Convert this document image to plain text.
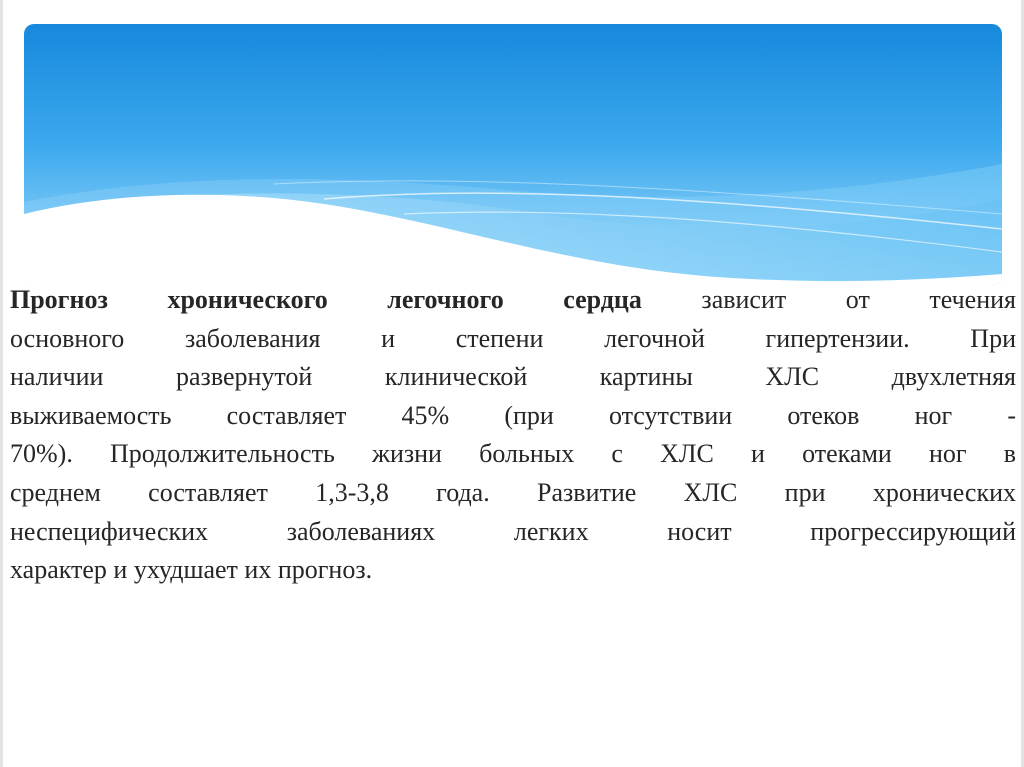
Прогноз хронического легочного сердца зависит от течения
основного заболевания и степени легочной гипертензии. При
наличии развернутой клинической картины ХЛС двухлетняя
выживаемость составляет 45% (при отсутствии отеков ног -
70%). Продолжительность жизни больных с ХЛС и отеками ног в
среднем составляет 1,3-3,8 года. Развитие ХЛС при хронических
неспецифических заболеваниях легких носит прогрессирующий
характер и ухудшает их прогноз.
